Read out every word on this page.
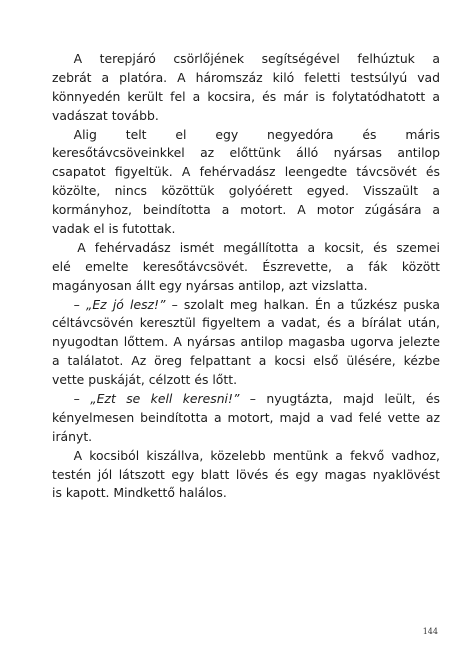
A terepjáró csörlőjének segítségével felhúztuk a
zebrát a platóra. A háromszáz kiló feletti testsúlyú vad
könnyedén került fel a kocsira, és már is folytatódhatott a
vadászat tovább.
Alig telt el egy negyedóra és máris
keresőtávcsöveinkkel az előttünk álló nyársas antilop
csapatot figyeltük. A fehérvadász leengedte távcsövét és
közölte, nincs közöttük golyóérett egyed. Visszaült a
kormányhoz, beindította a motort. A motor zúgására a
vadak el is futottak.
A fehérvadász ismét megállította a kocsit, és szemei
elé emelte keresőtávcsövét. Észrevette, a fák között
magányosan állt egy nyársas antilop, azt vizslatta.
– „Ez jó lesz!” – szolalt meg halkan. Én a tűzkész puska
céltávcsövén keresztül figyeltem a vadat, és a bírálat után,
nyugodtan lőttem. A nyársas antilop magasba ugorva jelezte
a találatot. Az öreg felpattant a kocsi első ülésére, kézbe
vette puskáját, célzott és lőtt.
– „Ezt se kell keresni!” – nyugtázta, majd leült, és
kényelmesen beindította a motort, majd a vad felé vette az
irányt.
A kocsiból kiszállva, közelebb mentünk a fekvő vadhoz,
testén jól látszott egy blatt lövés és egy magas nyaklövést
is kapott. Mindkettő halálos.
144
